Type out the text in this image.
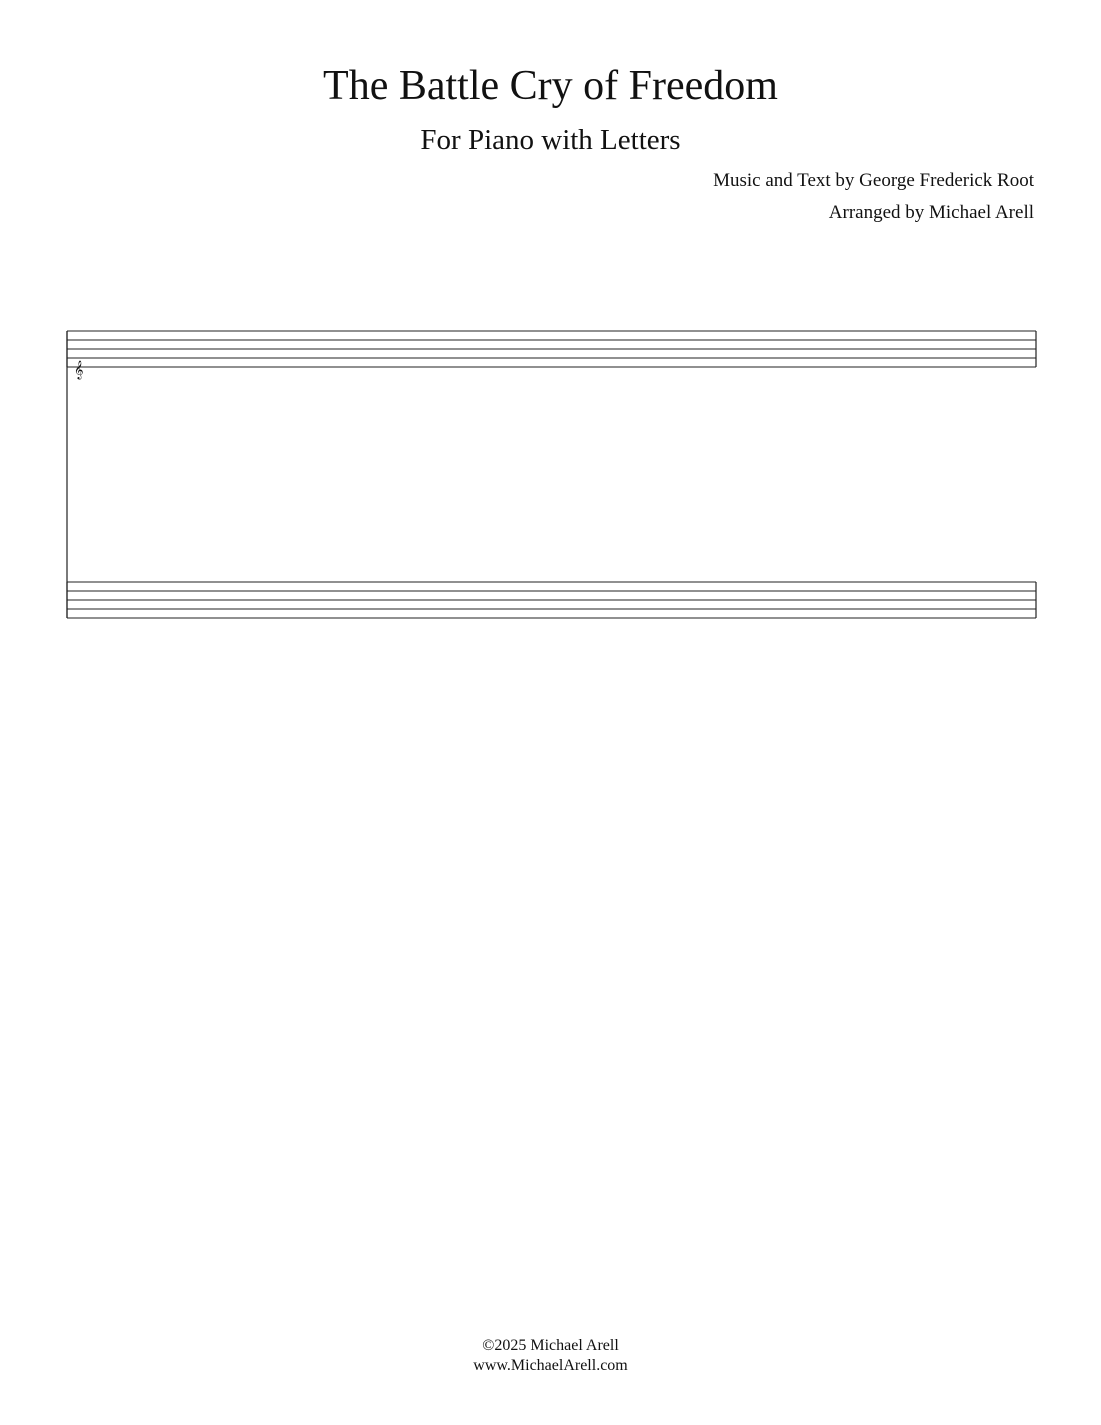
The Battle Cry of Freedom
For Piano with Letters
Music and Text by George Frederick Root
Arranged by Michael Arell
𝄞
©2025 Michael Arell
www.MichaelArell.com
